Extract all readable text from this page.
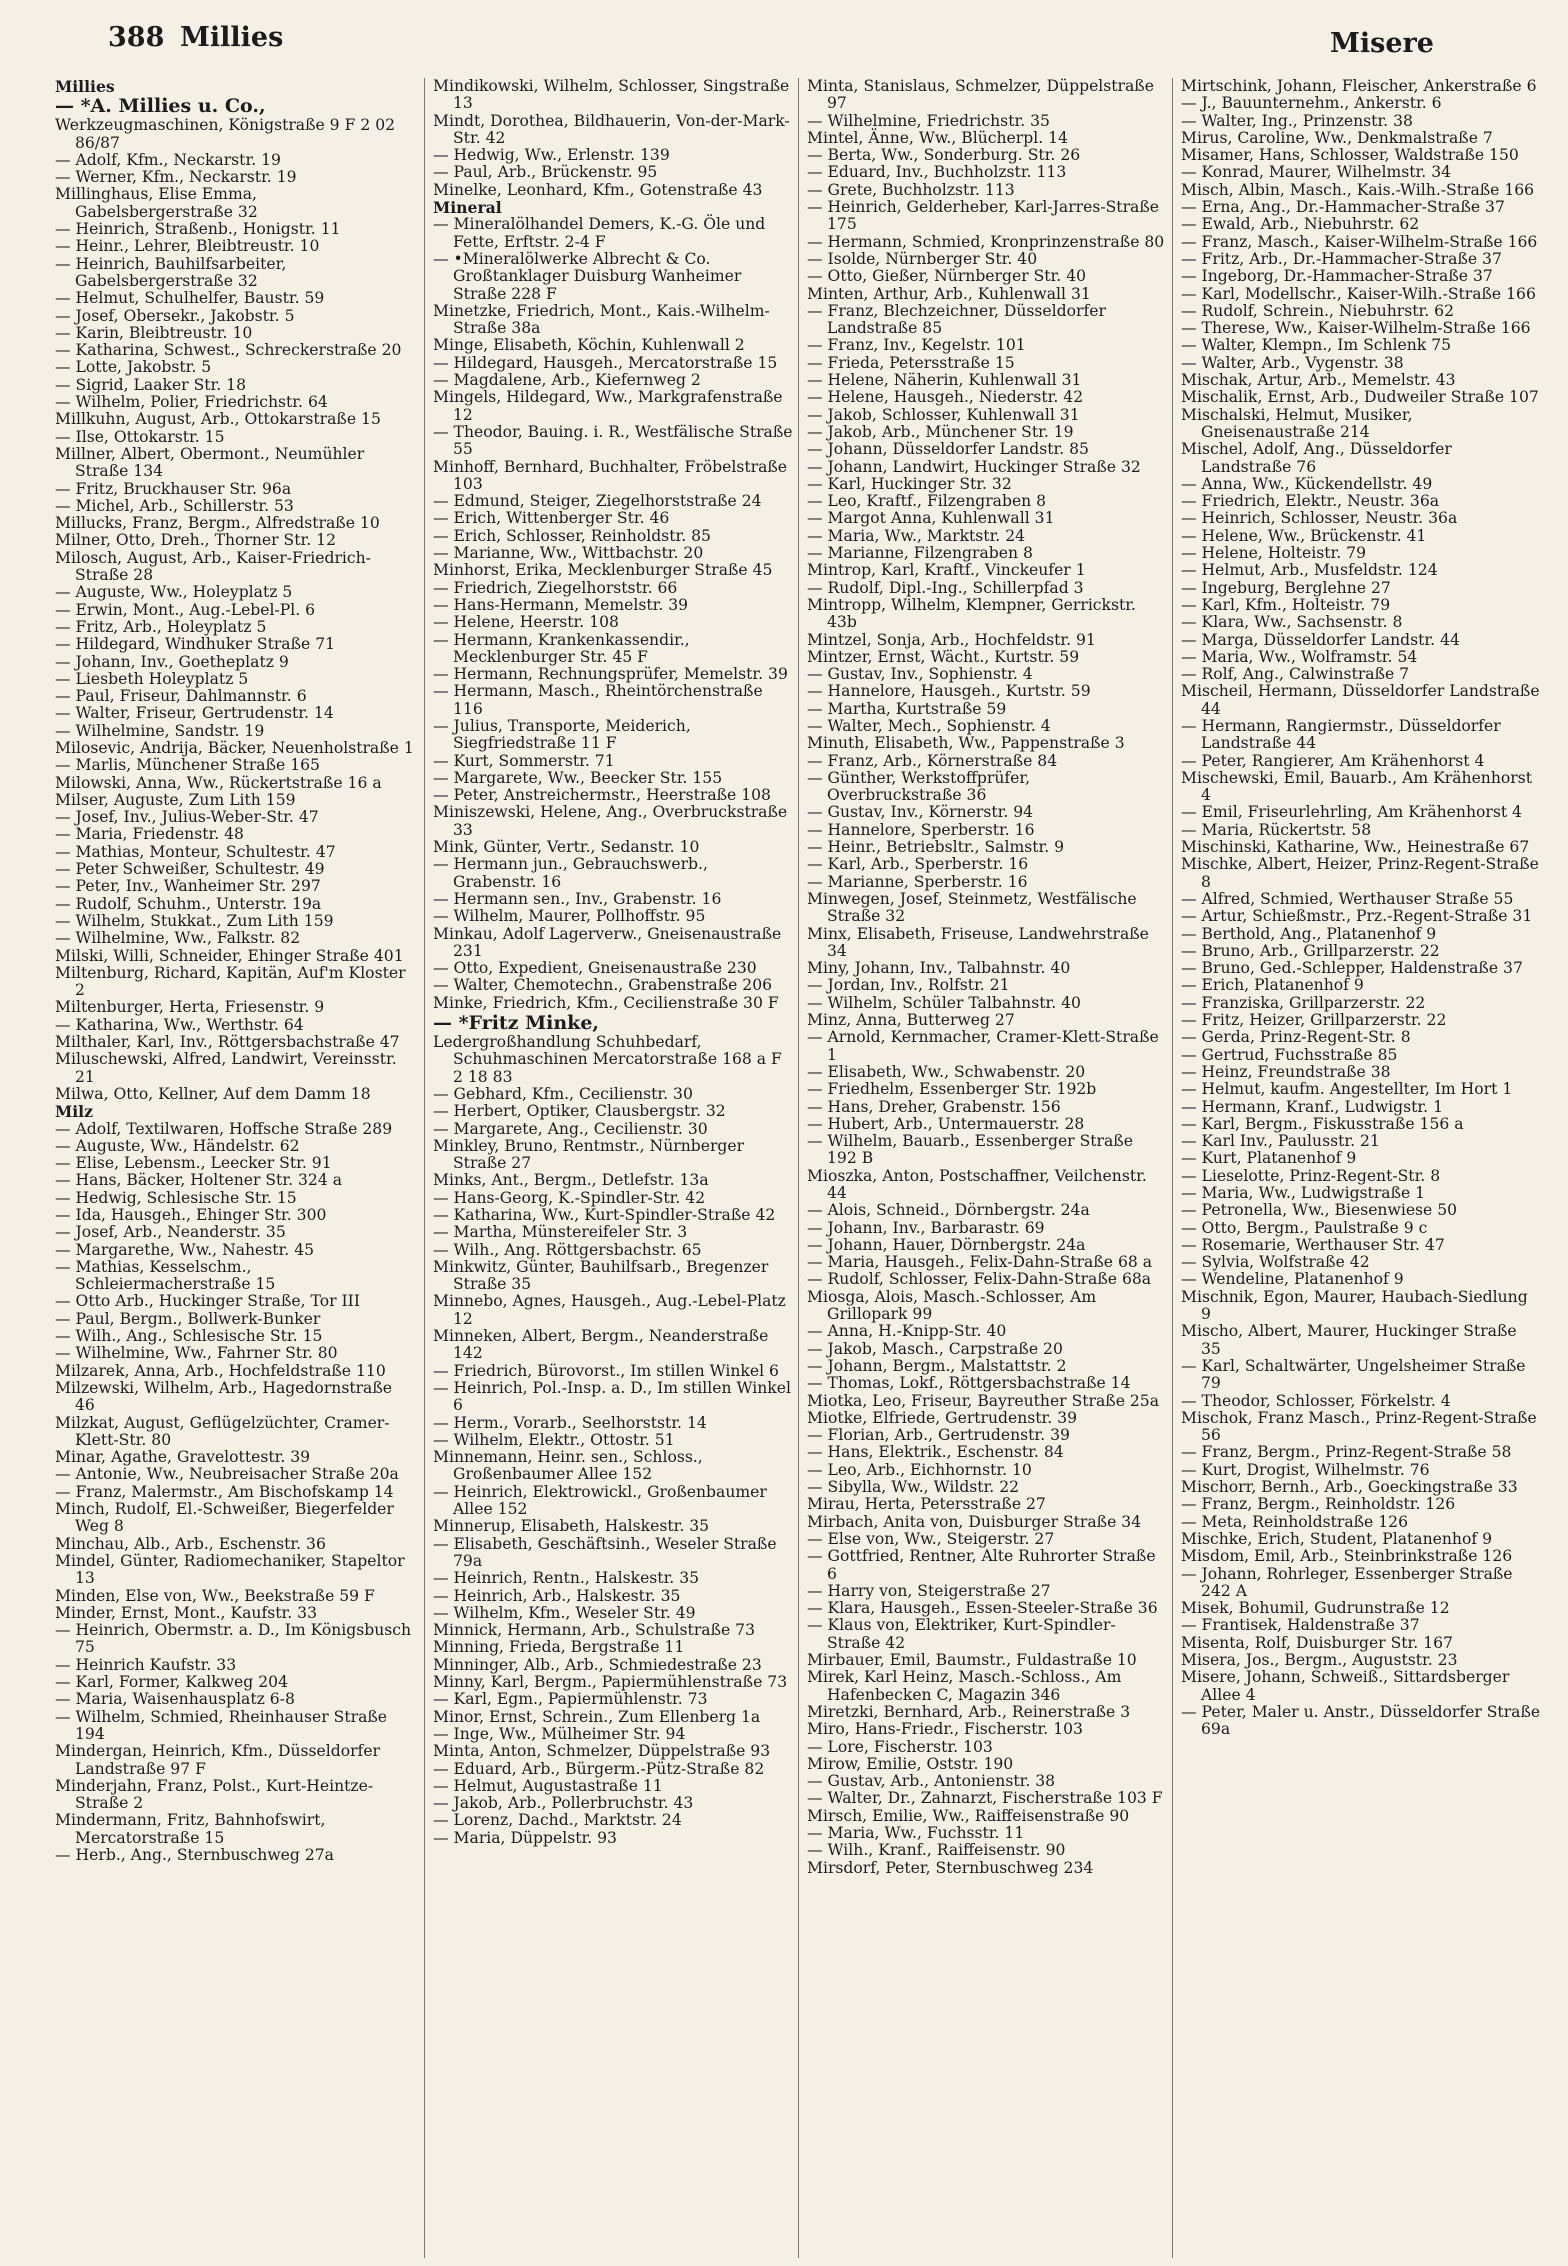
388 Millies	Misere
Millies
— *A. Millies u. Co.,
Werkzeugmaschinen, Königstraße 9 F 2 02 86/87
— Adolf, Kfm., Neckarstr. 19
— Werner, Kfm., Neckarstr. 19
Millinghaus, Elise Emma, Gabelsbergerstraße 32
— Heinrich, Straßenb., Honigstr. 11
— Heinr., Lehrer, Bleibtreustr. 10
— Heinrich, Bauhilfsarbeiter, Gabelsbergerstraße 32
— Helmut, Schulhelfer, Baustr. 59
— Josef, Obersekr., Jakobstr. 5
— Karin, Bleibtreustr. 10
— Katharina, Schwest., Schreckerstraße 20
— Lotte, Jakobstr. 5
— Sigrid, Laaker Str. 18
— Wilhelm, Polier, Friedrichstr. 64
Millkuhn, August, Arb., Ottokarstraße 15
— Ilse, Ottokarstr. 15
Millner, Albert, Obermont., Neumühler Straße 134
— Fritz, Bruckhauser Str. 96a
— Michel, Arb., Schillerstr. 53
Millucks, Franz, Bergm., Alfredstraße 10
Milner, Otto, Dreh., Thorner Str. 12
Milosch, August, Arb., Kaiser-Friedrich-Straße 28
— Auguste, Ww., Holeyplatz 5
— Erwin, Mont., Aug.-Lebel-Pl. 6
— Fritz, Arb., Holeyplatz 5
— Hildegard, Windhuker Straße 71
— Johann, Inv., Goetheplatz 9
— Liesbeth Holeyplatz 5
— Paul, Friseur, Dahlmannstr. 6
— Walter, Friseur, Gertrudenstr. 14
— Wilhelmine, Sandstr. 19
Milosevic, Andrija, Bäcker, Neuenholstraße 1
— Marlis, Münchener Straße 165
Milowski, Anna, Ww., Rückertstraße 16 a
Milser, Auguste, Zum Lith 159
— Josef, Inv., Julius-Weber-Str. 47
— Maria, Friedenstr. 48
— Mathias, Monteur, Schultestr. 47
— Peter Schweißer, Schultestr. 49
— Peter, Inv., Wanheimer Str. 297
— Rudolf, Schuhm., Unterstr. 19a
— Wilhelm, Stukkat., Zum Lith 159
— Wilhelmine, Ww., Falkstr. 82
Milski, Willi, Schneider, Ehinger Straße 401
Miltenburg, Richard, Kapitän, Auf'm Kloster 2
Miltenburger, Herta, Friesenstr. 9
— Katharina, Ww., Werthstr. 64
Milthaler, Karl, Inv., Röttgersbachstraße 47
Miluschewski, Alfred, Landwirt, Vereinsstr. 21
Milwa, Otto, Kellner, Auf dem Damm 18
Milz
— Adolf, Textilwaren, Hoffsche Straße 289
— Auguste, Ww., Händelstr. 62
— Elise, Lebensm., Leecker Str. 91
— Hans, Bäcker, Holtener Str. 324 a
— Hedwig, Schlesische Str. 15
— Ida, Hausgeh., Ehinger Str. 300
— Josef, Arb., Neanderstr. 35
— Margarethe, Ww., Nahestr. 45
— Mathias, Kesselschm., Schleiermacherstraße 15
— Otto Arb., Huckinger Straße, Tor III
— Paul, Bergm., Bollwerk-Bunker
— Wilh., Ang., Schlesische Str. 15
— Wilhelmine, Ww., Fahrner Str. 80
Milzarek, Anna, Arb., Hochfeldstraße 110
Milzewski, Wilhelm, Arb., Hagedornstraße 46
Milzkat, August, Geflügelzüchter, Cramer-Klett-Str. 80
Minar, Agathe, Gravelottestr. 39
— Antonie, Ww., Neubreisacher Straße 20a
— Franz, Malermstr., Am Bischofskamp 14
Minch, Rudolf, El.-Schweißer, Biegerfelder Weg 8
Minchau, Alb., Arb., Eschenstr. 36
Mindel, Günter, Radiomechaniker, Stapeltor 13
Minden, Else von, Ww., Beekstraße 59 F
Minder, Ernst, Mont., Kaufstr. 33
— Heinrich, Obermstr. a. D., Im Königsbusch 75
— Heinrich Kaufstr. 33
— Karl, Former, Kalkweg 204
— Maria, Waisenhausplatz 6-8
— Wilhelm, Schmied, Rheinhauser Straße 194
Mindergan, Heinrich, Kfm., Düsseldorfer Landstraße 97 F
Minderjahn, Franz, Polst., Kurt-Heintze-Straße 2
Mindermann, Fritz, Bahnhofswirt, Mercatorstraße 15
— Herb., Ang., Sternbuschweg 27a
Mindikowski, Wilhelm, Schlosser, Singstraße 13
Mindt, Dorothea, Bildhauerin, Von-der-Mark-Str. 42
— Hedwig, Ww., Erlenstr. 139
— Paul, Arb., Brückenstr. 95
Minelke, Leonhard, Kfm., Gotenstraße 43
Mineral
— Mineralölhandel Demers, K.-G. Öle und Fette, Erftstr. 2-4 F
— •Mineralölwerke Albrecht & Co. Großtanklager Duisburg Wanheimer Straße 228 F
Minetzke, Friedrich, Mont., Kais.-Wilhelm-Straße 38a
Minge, Elisabeth, Köchin, Kuhlenwall 2
— Hildegard, Hausgeh., Mercatorstraße 15
— Magdalene, Arb., Kiefernweg 2
Mingels, Hildegard, Ww., Markgrafenstraße 12
— Theodor, Bauing. i. R., Westfälische Straße 55
Minhoff, Bernhard, Buchhalter, Fröbelstraße 103
— Edmund, Steiger, Ziegelhorststraße 24
— Erich, Wittenberger Str. 46
— Erich, Schlosser, Reinholdstr. 85
— Marianne, Ww., Wittbachstr. 20
Minhorst, Erika, Mecklenburger Straße 45
— Friedrich, Ziegelhorststr. 66
— Hans-Hermann, Memelstr. 39
— Helene, Heerstr. 108
— Hermann, Krankenkassendir., Mecklenburger Str. 45 F
— Hermann, Rechnungsprüfer, Memelstr. 39
— Hermann, Masch., Rheintörchenstraße 116
— Julius, Transporte, Meiderich, Siegfriedstraße 11 F
— Kurt, Sommerstr. 71
— Margarete, Ww., Beecker Str. 155
— Peter, Anstreichermstr., Heerstraße 108
Miniszewski, Helene, Ang., Overbruckstraße 33
Mink, Günter, Vertr., Sedanstr. 10
— Hermann jun., Gebrauchswerb., Grabenstr. 16
— Hermann sen., Inv., Grabenstr. 16
— Wilhelm, Maurer, Pollhoffstr. 95
Minkau, Adolf Lagerverw., Gneisenaustraße 231
— Otto, Expedient, Gneisenaustraße 230
— Walter, Chemotechn., Grabenstraße 206
Minke, Friedrich, Kfm., Cecilienstraße 30 F
— *Fritz Minke,
Ledergroßhandlung Schuhbedarf, Schuhmaschinen Mercatorstraße 168 a F 2 18 83
— Gebhard, Kfm., Cecilienstr. 30
— Herbert, Optiker, Clausbergstr. 32
— Margarete, Ang., Cecilienstr. 30
Minkley, Bruno, Rentmstr., Nürnberger Straße 27
Minks, Ant., Bergm., Detlefstr. 13a
— Hans-Georg, K.-Spindler-Str. 42
— Katharina, Ww., Kurt-Spindler-Straße 42
— Martha, Münstereifeler Str. 3
— Wilh., Ang. Röttgersbachstr. 65
Minkwitz, Günter, Bauhilfsarb., Bregenzer Straße 35
Minnebo, Agnes, Hausgeh., Aug.-Lebel-Platz 12
Minneken, Albert, Bergm., Neanderstraße 142
— Friedrich, Bürovorst., Im stillen Winkel 6
— Heinrich, Pol.-Insp. a. D., Im stillen Winkel 6
— Herm., Vorarb., Seelhorststr. 14
— Wilhelm, Elektr., Ottostr. 51
Minnemann, Heinr. sen., Schloss., Großenbaumer Allee 152
— Heinrich, Elektrowickl., Großenbaumer Allee 152
Minnerup, Elisabeth, Halskestr. 35
— Elisabeth, Geschäftsinh., Weseler Straße 79a
— Heinrich, Rentn., Halskestr. 35
— Heinrich, Arb., Halskestr. 35
— Wilhelm, Kfm., Weseler Str. 49
Minnick, Hermann, Arb., Schulstraße 73
Minning, Frieda, Bergstraße 11
Minninger, Alb., Arb., Schmiedestraße 23
Minny, Karl, Bergm., Papiermühlenstraße 73
— Karl, Egm., Papiermühlenstr. 73
Minor, Ernst, Schrein., Zum Ellenberg 1a
— Inge, Ww., Mülheimer Str. 94
Minta, Anton, Schmelzer, Düppelstraße 93
— Eduard, Arb., Bürgerm.-Pütz-Straße 82
— Helmut, Augustastraße 11
— Jakob, Arb., Pollerbruchstr. 43
— Lorenz, Dachd., Marktstr. 24
— Maria, Düppelstr. 93
Minta, Stanislaus, Schmelzer, Düppelstraße 97
— Wilhelmine, Friedrichstr. 35
Mintel, Änne, Ww., Blücherpl. 14
— Berta, Ww., Sonderburg. Str. 26
— Eduard, Inv., Buchholzstr. 113
— Grete, Buchholzstr. 113
— Heinrich, Gelderheber, Karl-Jarres-Straße 175
— Hermann, Schmied, Kronprinzenstraße 80
— Isolde, Nürnberger Str. 40
— Otto, Gießer, Nürnberger Str. 40
Minten, Arthur, Arb., Kuhlenwall 31
— Franz, Blechzeichner, Düsseldorfer Landstraße 85
— Franz, Inv., Kegelstr. 101
— Frieda, Petersstraße 15
— Helene, Näherin, Kuhlenwall 31
— Helene, Hausgeh., Niederstr. 42
— Jakob, Schlosser, Kuhlenwall 31
— Jakob, Arb., Münchener Str. 19
— Johann, Düsseldorfer Landstr. 85
— Johann, Landwirt, Huckinger Straße 32
— Karl, Huckinger Str. 32
— Leo, Kraftf., Filzengraben 8
— Margot Anna, Kuhlenwall 31
— Maria, Ww., Marktstr. 24
— Marianne, Filzengraben 8
Mintrop, Karl, Kraftf., Vinckeufer 1
— Rudolf, Dipl.-Ing., Schillerpfad 3
Mintropp, Wilhelm, Klempner, Gerrickstr. 43b
Mintzel, Sonja, Arb., Hochfeldstr. 91
Mintzer, Ernst, Wächt., Kurtstr. 59
— Gustav, Inv., Sophienstr. 4
— Hannelore, Hausgeh., Kurtstr. 59
— Martha, Kurtstraße 59
— Walter, Mech., Sophienstr. 4
Minuth, Elisabeth, Ww., Pappenstraße 3
— Franz, Arb., Körnerstraße 84
— Günther, Werkstoffprüfer, Overbruckstraße 36
— Gustav, Inv., Körnerstr. 94
— Hannelore, Sperberstr. 16
— Heinr., Betriebsltr., Salmstr. 9
— Karl, Arb., Sperberstr. 16
— Marianne, Sperberstr. 16
Minwegen, Josef, Steinmetz, Westfälische Straße 32
Minx, Elisabeth, Friseuse, Landwehrstraße 34
Miny, Johann, Inv., Talbahnstr. 40
— Jordan, Inv., Rolfstr. 21
— Wilhelm, Schüler Talbahnstr. 40
Minz, Anna, Butterweg 27
— Arnold, Kernmacher, Cramer-Klett-Straße 1
— Elisabeth, Ww., Schwabenstr. 20
— Friedhelm, Essenberger Str. 192b
— Hans, Dreher, Grabenstr. 156
— Hubert, Arb., Untermauerstr. 28
— Wilhelm, Bauarb., Essenberger Straße 192 B
Mioszka, Anton, Postschaffner, Veilchenstr. 44
— Alois, Schneid., Dörnbergstr. 24a
— Johann, Inv., Barbarastr. 69
— Johann, Hauer, Dörnbergstr. 24a
— Maria, Hausgeh., Felix-Dahn-Straße 68 a
— Rudolf, Schlosser, Felix-Dahn-Straße 68a
Miosga, Alois, Masch.-Schlosser, Am Grillopark 99
— Anna, H.-Knipp-Str. 40
— Jakob, Masch., Carpstraße 20
— Johann, Bergm., Malstattstr. 2
— Thomas, Lokf., Röttgersbachstraße 14
Miotka, Leo, Friseur, Bayreuther Straße 25a
Miotke, Elfriede, Gertrudenstr. 39
— Florian, Arb., Gertrudenstr. 39
— Hans, Elektrik., Eschenstr. 84
— Leo, Arb., Eichhornstr. 10
— Sibylla, Ww., Wildstr. 22
Mirau, Herta, Petersstraße 27
Mirbach, Anita von, Duisburger Straße 34
— Else von, Ww., Steigerstr. 27
— Gottfried, Rentner, Alte Ruhrorter Straße 6
— Harry von, Steigerstraße 27
— Klara, Hausgeh., Essen-Steeler-Straße 36
— Klaus von, Elektriker, Kurt-Spindler-Straße 42
Mirbauer, Emil, Baumstr., Fuldastraße 10
Mirek, Karl Heinz, Masch.-Schloss., Am Hafenbecken C, Magazin 346
Miretzki, Bernhard, Arb., Reinerstraße 3
Miro, Hans-Friedr., Fischerstr. 103
— Lore, Fischerstr. 103
Mirow, Emilie, Oststr. 190
— Gustav, Arb., Antonienstr. 38
— Walter, Dr., Zahnarzt, Fischerstraße 103 F
Mirsch, Emilie, Ww., Raiffeisenstraße 90
— Maria, Ww., Fuchsstr. 11
— Wilh., Kranf., Raiffeisenstr. 90
Mirsdorf, Peter, Sternbuschweg 234
Mirtschink, Johann, Fleischer, Ankerstraße 6
— J., Bauunternehm., Ankerstr. 6
— Walter, Ing., Prinzenstr. 38
Mirus, Caroline, Ww., Denkmalstraße 7
Misamer, Hans, Schlosser, Waldstraße 150
— Konrad, Maurer, Wilhelmstr. 34
Misch, Albin, Masch., Kais.-Wilh.-Straße 166
— Erna, Ang., Dr.-Hammacher-Straße 37
— Ewald, Arb., Niebuhrstr. 62
— Franz, Masch., Kaiser-Wilhelm-Straße 166
— Fritz, Arb., Dr.-Hammacher-Straße 37
— Ingeborg, Dr.-Hammacher-Straße 37
— Karl, Modellschr., Kaiser-Wilh.-Straße 166
— Rudolf, Schrein., Niebuhrstr. 62
— Therese, Ww., Kaiser-Wilhelm-Straße 166
— Walter, Klempn., Im Schlenk 75
— Walter, Arb., Vygenstr. 38
Mischak, Artur, Arb., Memelstr. 43
Mischalik, Ernst, Arb., Dudweiler Straße 107
Mischalski, Helmut, Musiker, Gneisenaustraße 214
Mischel, Adolf, Ang., Düsseldorfer Landstraße 76
— Anna, Ww., Kückendellstr. 49
— Friedrich, Elektr., Neustr. 36a
— Heinrich, Schlosser, Neustr. 36a
— Helene, Ww., Brückenstr. 41
— Helene, Holteistr. 79
— Helmut, Arb., Musfeldstr. 124
— Ingeburg, Berglehne 27
— Karl, Kfm., Holteistr. 79
— Klara, Ww., Sachsenstr. 8
— Marga, Düsseldorfer Landstr. 44
— Maria, Ww., Wolframstr. 54
— Rolf, Ang., Calwinstraße 7
Mischeil, Hermann, Düsseldorfer Landstraße 44
— Hermann, Rangiermstr., Düsseldorfer Landstraße 44
— Peter, Rangierer, Am Krähenhorst 4
Mischewski, Emil, Bauarb., Am Krähenhorst 4
— Emil, Friseurlehrling, Am Krähenhorst 4
— Maria, Rückertstr. 58
Mischinski, Katharine, Ww., Heinestraße 67
Mischke, Albert, Heizer, Prinz-Regent-Straße 8
— Alfred, Schmied, Werthauser Straße 55
— Artur, Schießmstr., Prz.-Regent-Straße 31
— Berthold, Ang., Platanenhof 9
— Bruno, Arb., Grillparzerstr. 22
— Bruno, Ged.-Schlepper, Haldenstraße 37
— Erich, Platanenhof 9
— Franziska, Grillparzerstr. 22
— Fritz, Heizer, Grillparzerstr. 22
— Gerda, Prinz-Regent-Str. 8
— Gertrud, Fuchsstraße 85
— Heinz, Freundstraße 38
— Helmut, kaufm. Angestellter, Im Hort 1
— Hermann, Kranf., Ludwigstr. 1
— Karl, Bergm., Fiskusstraße 156 a
— Karl Inv., Paulusstr. 21
— Kurt, Platanenhof 9
— Lieselotte, Prinz-Regent-Str. 8
— Maria, Ww., Ludwigstraße 1
— Petronella, Ww., Biesenwiese 50
— Otto, Bergm., Paulstraße 9 c
— Rosemarie, Werthauser Str. 47
— Sylvia, Wolfstraße 42
— Wendeline, Platanenhof 9
Mischnik, Egon, Maurer, Haubach-Siedlung 9
Mischo, Albert, Maurer, Huckinger Straße 35
— Karl, Schaltwärter, Ungelsheimer Straße 79
— Theodor, Schlosser, Förkelstr. 4
Mischok, Franz Masch., Prinz-Regent-Straße 56
— Franz, Bergm., Prinz-Regent-Straße 58
— Kurt, Drogist, Wilhelmstr. 76
Mischorr, Bernh., Arb., Goeckingstraße 33
— Franz, Bergm., Reinholdstr. 126
— Meta, Reinholdstraße 126
Mischke, Erich, Student, Platanenhof 9
Misdom, Emil, Arb., Steinbrinkstraße 126
— Johann, Rohrleger, Essenberger Straße 242 A
Misek, Bohumil, Gudrunstraße 12
— Frantisek, Haldenstraße 37
Misenta, Rolf, Duisburger Str. 167
Misera, Jos., Bergm., Auguststr. 23
Misere, Johann, Schweiß., Sittardsberger Allee 4
— Peter, Maler u. Anstr., Düsseldorfer Straße 69a
